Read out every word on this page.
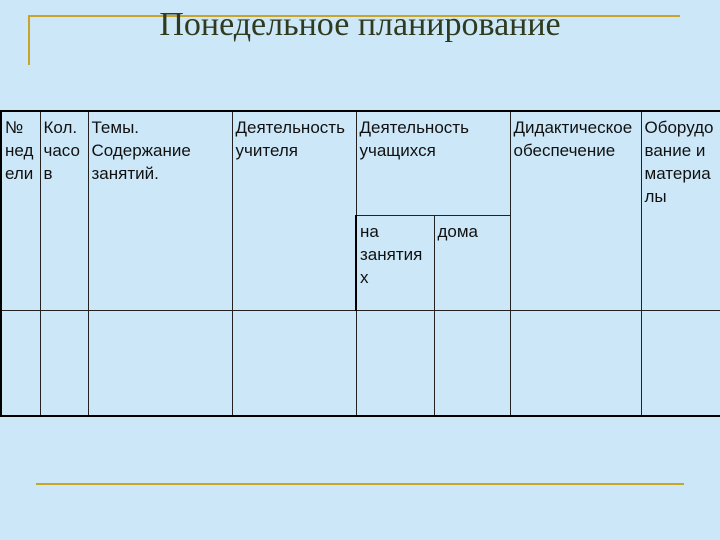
Понедельное планирование
№ недели	Кол. часов	Темы. Содержание занятий.	Деятельность учителя	Деятельность учащихся		Дидактическое обеспечение	Оборудование и материалы
				на занятиях	дома		
